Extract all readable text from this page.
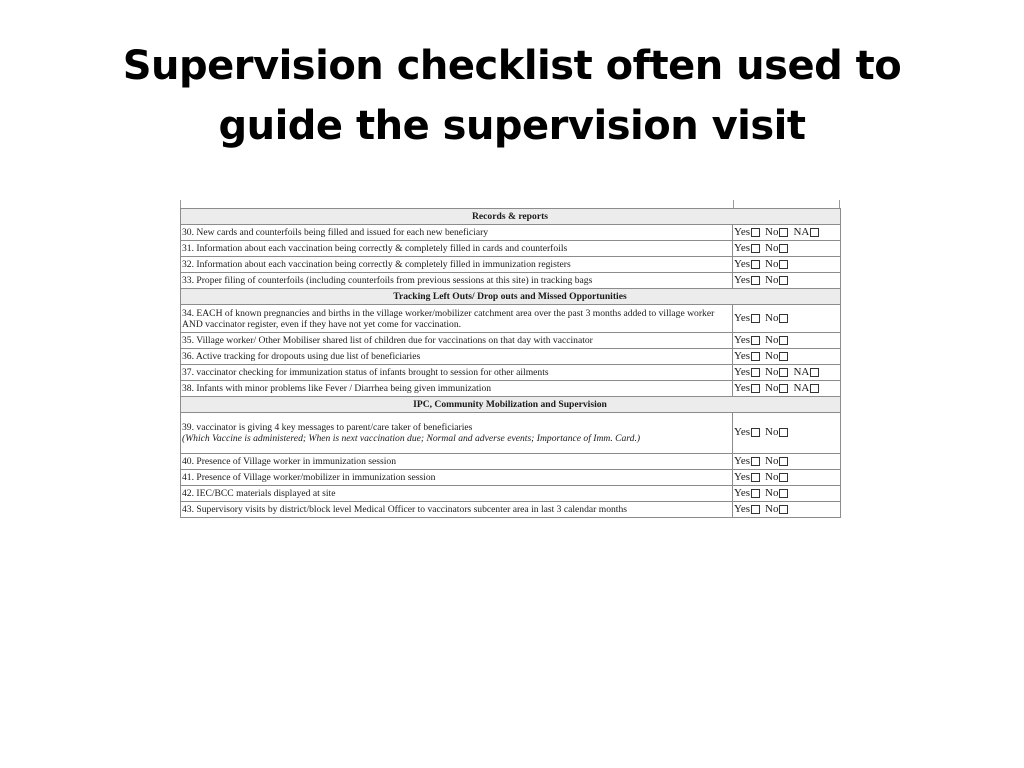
Supervision checklist often used to guide the supervision visit
Records & reports	
30. New cards and counterfoils being filled and issued for each new beneficiary	Yes No NA
31. Information about each vaccination being correctly & completely filled in cards and counterfoils	Yes No
32. Information about each vaccination being correctly & completely filled in immunization registers	Yes No
33. Proper filing of counterfoils (including counterfoils from previous sessions at this site) in tracking bags	Yes No
Tracking Left Outs/ Drop outs and Missed Opportunities	
34. EACH of known pregnancies and births in the village worker/mobilizer catchment area over the past 3 months added to village worker AND vaccinator register, even if they have not yet come for vaccination.	Yes No
35. Village worker/ Other Mobiliser shared list of children due for vaccinations on that day with vaccinator	Yes No
36. Active tracking for dropouts using due list of beneficiaries	Yes No
37. vaccinator checking for immunization status of infants brought to session for other ailments	Yes No NA
38. Infants with minor problems like Fever / Diarrhea being given immunization	Yes No NA
IPC, Community Mobilization and Supervision	
39. vaccinator is giving 4 key messages to parent/care taker of beneficiaries
(Which Vaccine is administered; When is next vaccination due; Normal and adverse events; Importance of Imm. Card.)	Yes No
40. Presence of Village worker in immunization session	Yes No
41. Presence of Village worker/mobilizer in immunization session	Yes No
42. IEC/BCC materials displayed at site	Yes No
43. Supervisory visits by district/block level Medical Officer to vaccinators subcenter area in last 3 calendar months	Yes No
